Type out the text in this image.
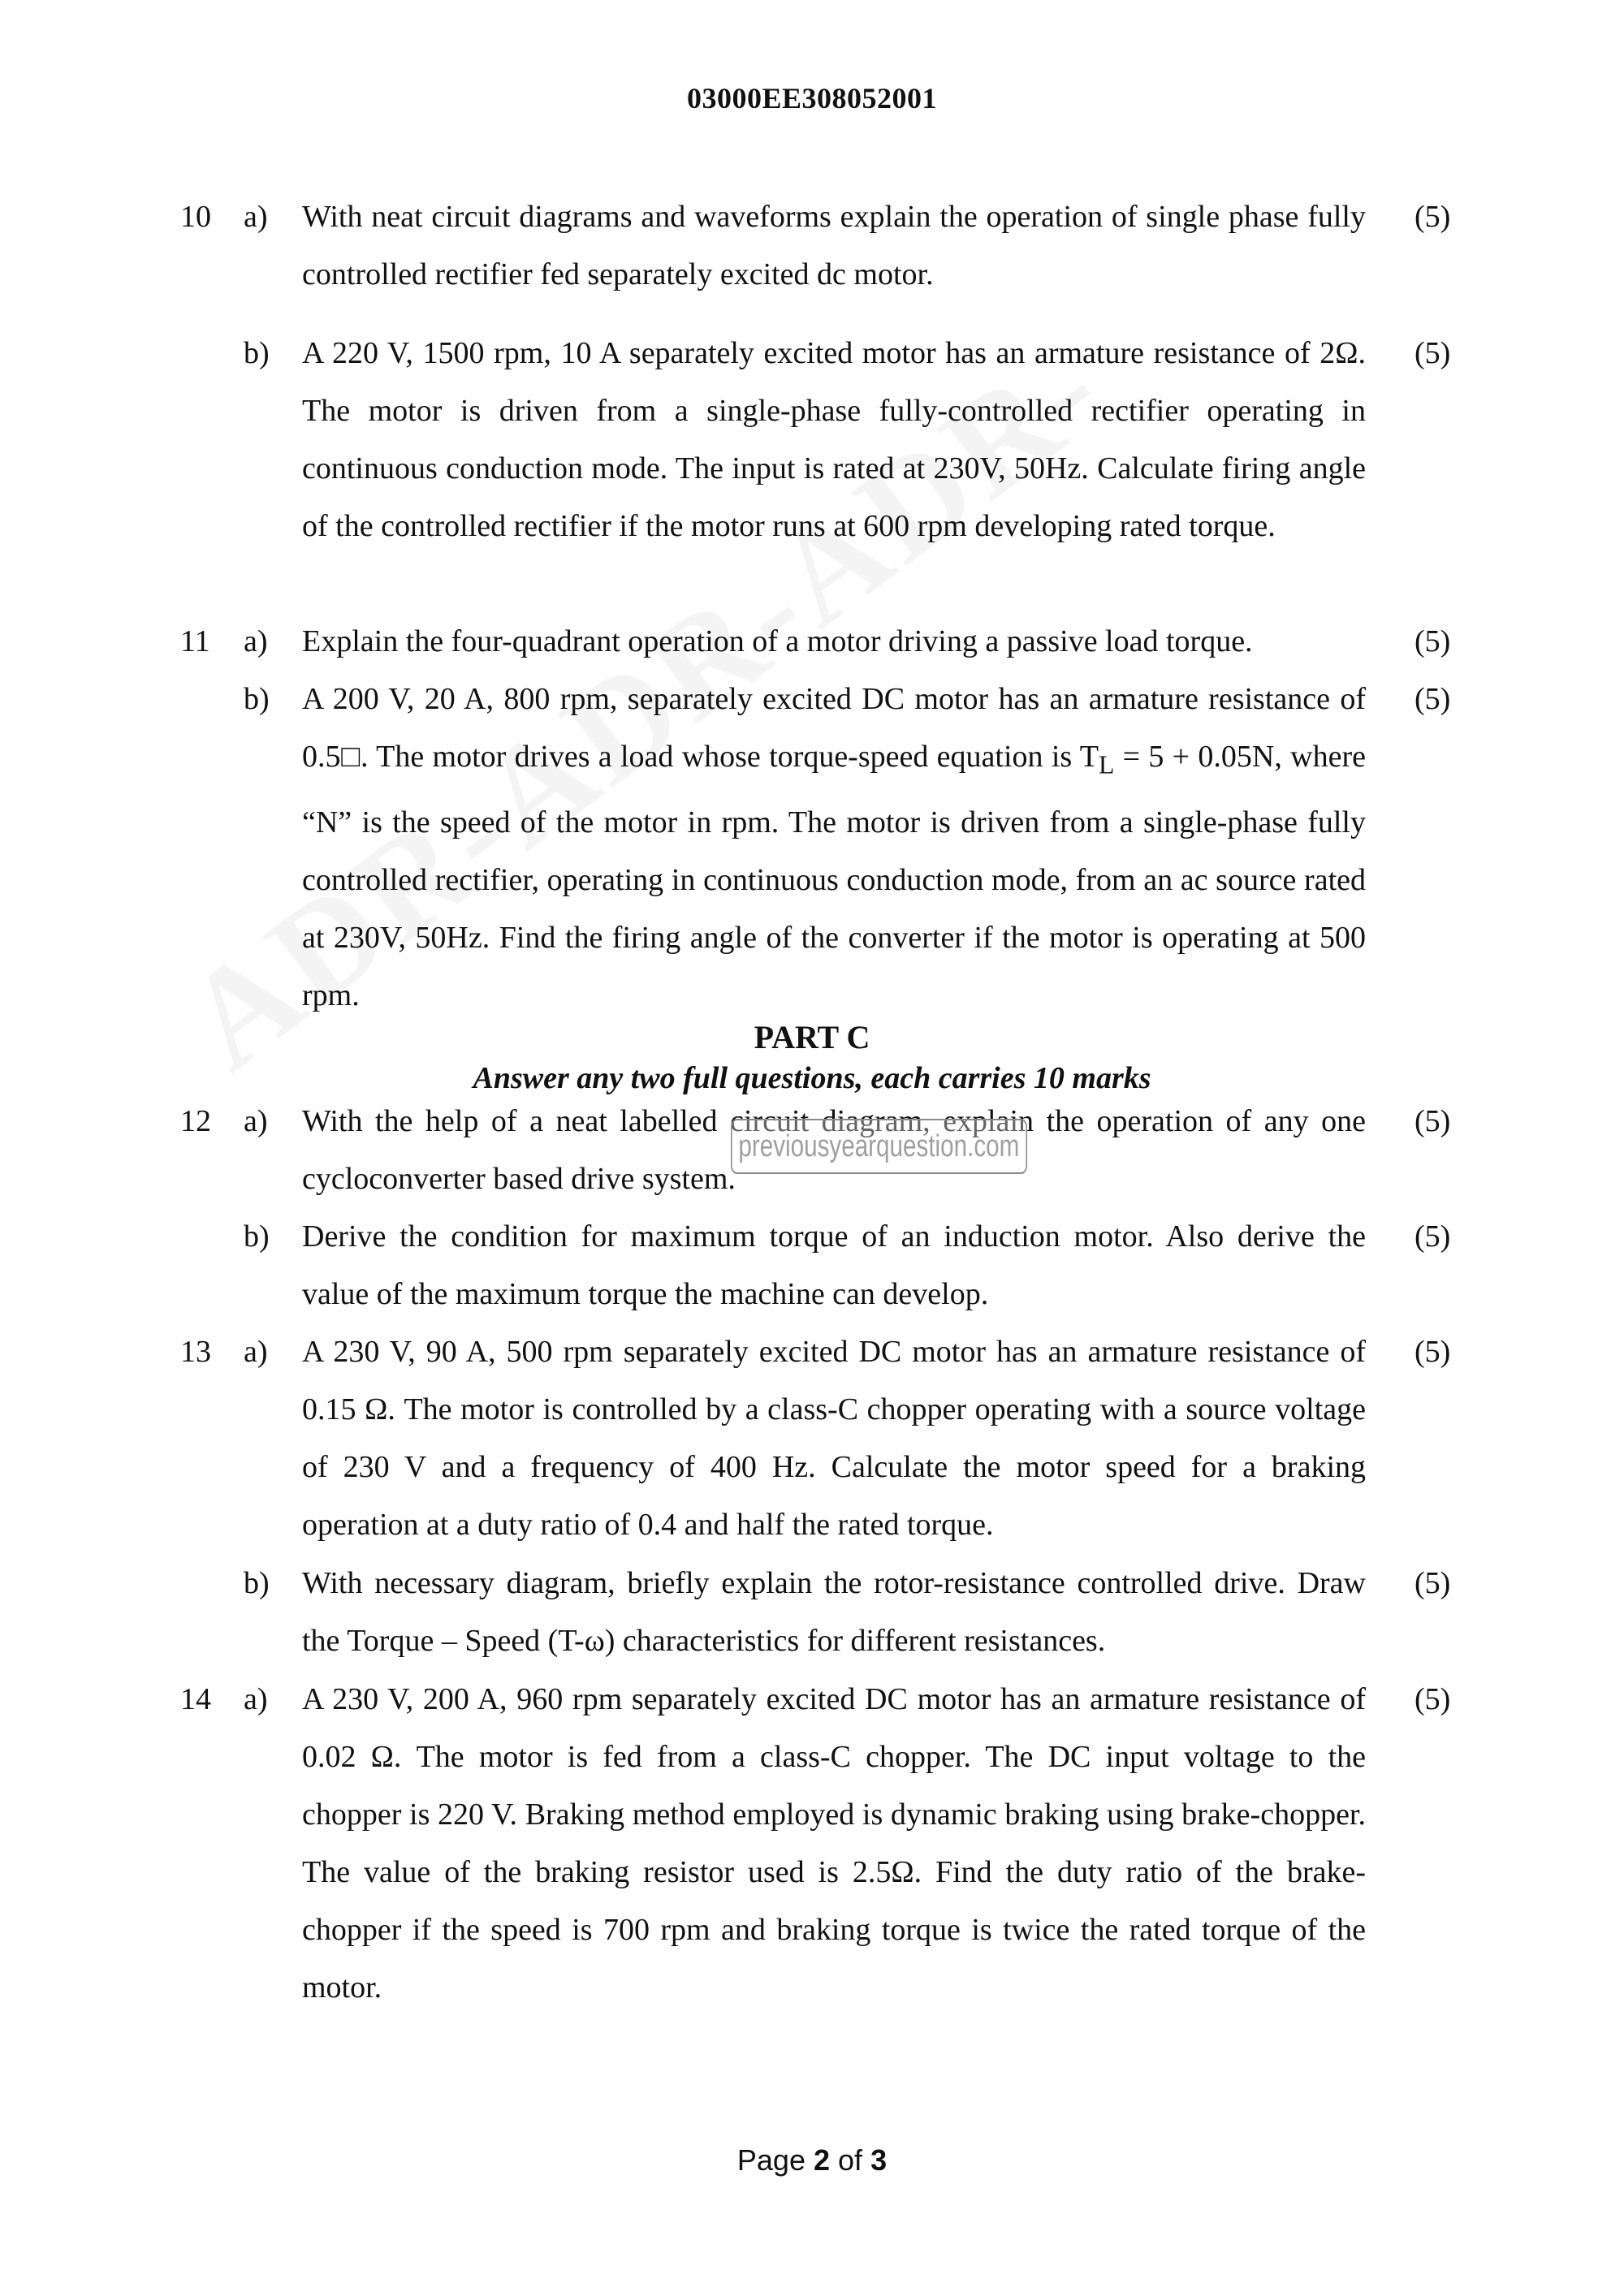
03000EE308052001
10 a) With neat circuit diagrams and waveforms explain the operation of single phase fully controlled rectifier fed separately excited dc motor.
(5)
b) A 220 V, 1500 rpm, 10 A separately excited motor has an armature resistance of 2Ω. The motor is driven from a single-phase fully-controlled rectifier operating in continuous conduction mode. The input is rated at 230V, 50Hz. Calculate firing angle of the controlled rectifier if the motor runs at 600 rpm developing rated torque.
(5)
11 a) Explain the four-quadrant operation of a motor driving a passive load torque.	(5)
b) A 200 V, 20 A, 800 rpm, separately excited DC motor has an armature resistance of 0.5□. The motor drives a load whose torque-speed equation is $T_L = 5 + 0.05N$, where “N” is the speed of the motor in rpm. The motor is driven from a single-phase fully controlled rectifier, operating in continuous conduction mode, from an ac source rated at 230V, 50Hz. Find the firing angle of the converter if the motor is operating at 500 rpm.
(5)
PART C
Answer any two full questions, each carries 10 marks
12 a) With the help of a neat labelled circuit diagram, explain the operation of any one cycloconverter based drive system.
(5)
previousyearquestion.com
b) Derive the condition for maximum torque of an induction motor. Also derive the value of the maximum torque the machine can develop.
(5)
13 a) A 230 V, 90 A, 500 rpm separately excited DC motor has an armature resistance of 0.15 Ω. The motor is controlled by a class-C chopper operating with a source voltage of 230 V and a frequency of 400 Hz. Calculate the motor speed for a braking operation at a duty ratio of 0.4 and half the rated torque.
(5)
b) With necessary diagram, briefly explain the rotor-resistance controlled drive. Draw the Torque – Speed (T-ω) characteristics for different resistances.
(5)
14 a) A 230 V, 200 A, 960 rpm separately excited DC motor has an armature resistance of 0.02 Ω. The motor is fed from a class-C chopper. The DC input voltage to the chopper is 220 V. Braking method employed is dynamic braking using brake-chopper. The value of the braking resistor used is 2.5Ω. Find the duty ratio of the brake-chopper if the speed is 700 rpm and braking torque is twice the rated torque of the motor.
(5)
Page 2 of 3
